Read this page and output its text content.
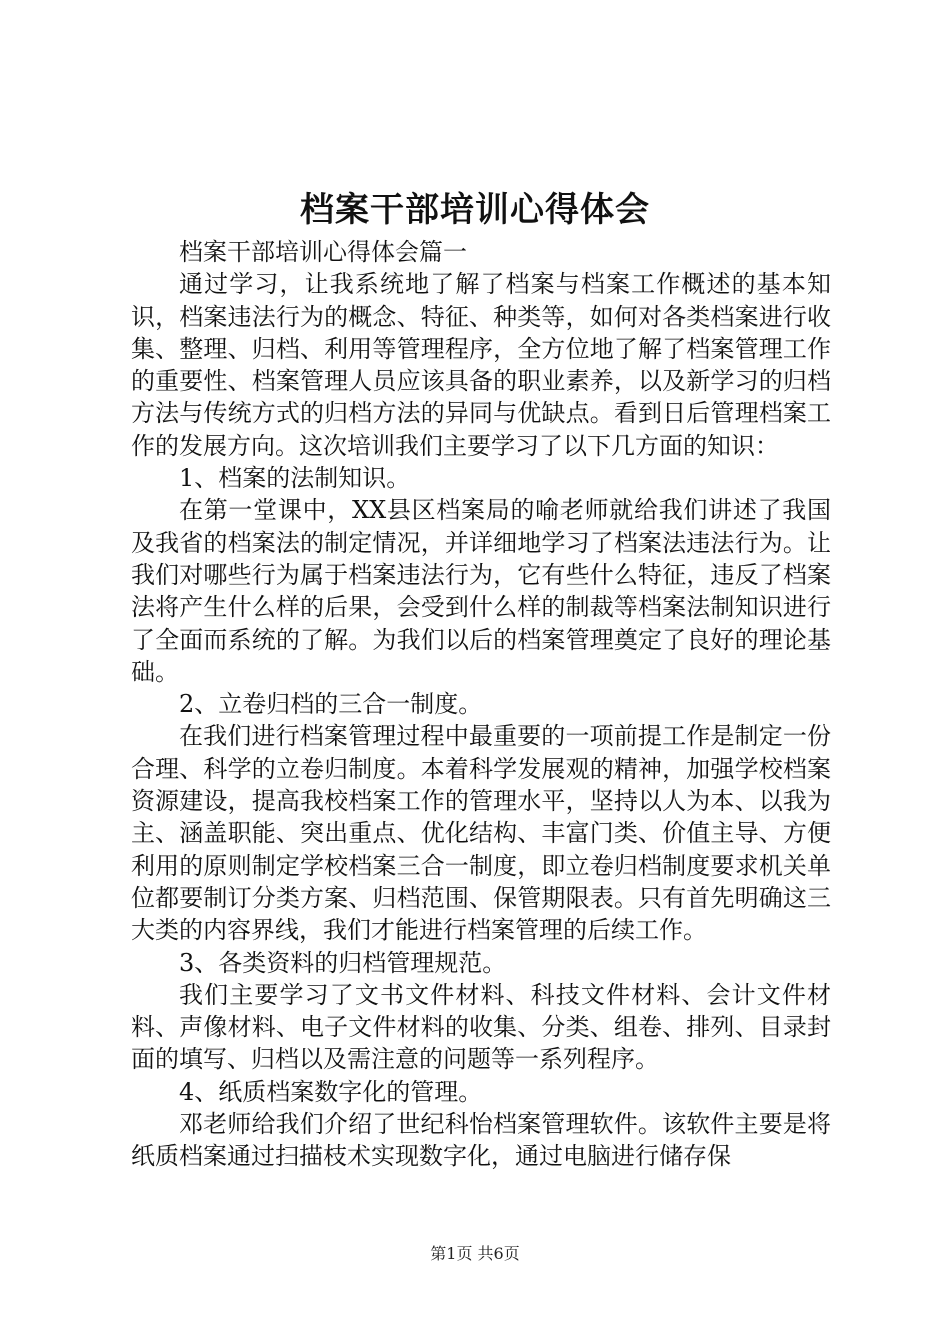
档案干部培训心得体会

档案干部培训心得体会篇一

通过学习，让我系统地了解了档案与档案工作概述的基本知识，档案违法行为的概念、特征、种类等，如何对各类档案进行收集、整理、归档、利用等管理程序，全方位地了解了档案管理工作的重要性、档案管理人员应该具备的职业素养，以及新学习的归档方法与传统方式的归档方法的异同与优缺点。看到日后管理档案工作的发展方向。这次培训我们主要学习了以下几方面的知识：

1、档案的法制知识。

在第一堂课中，XX县区档案局的喻老师就给我们讲述了我国及我省的档案法的制定情况，并详细地学习了档案法违法行为。让我们对哪些行为属于档案违法行为，它有些什么特征，违反了档案法将产生什么样的后果，会受到什么样的制裁等档案法制知识进行了全面而系统的了解。为我们以后的档案管理奠定了良好的理论基础。

2、立卷归档的三合一制度。

在我们进行档案管理过程中最重要的一项前提工作是制定一份合理、科学的立卷归制度。本着科学发展观的精神，加强学校档案资源建设，提高我校档案工作的管理水平，坚持以人为本、以我为主、涵盖职能、突出重点、优化结构、丰富门类、价值主导、方便利用的原则制定学校档案三合一制度，即立卷归档制度要求机关单位都要制订分类方案、归档范围、保管期限表。只有首先明确这三大类的内容界线，我们才能进行档案管理的后续工作。

3、各类资料的归档管理规范。

我们主要学习了文书文件材料、科技文件材料、会计文件材料、声像材料、电子文件材料的收集、分类、组卷、排列、目录封面的填写、归档以及需注意的问题等一系列程序。

4、纸质档案数字化的管理。

邓老师给我们介绍了世纪科怡档案管理软件。该软件主要是将纸质档案通过扫描枝术实现数字化，通过电脑进行储存保

第1页 共6页
